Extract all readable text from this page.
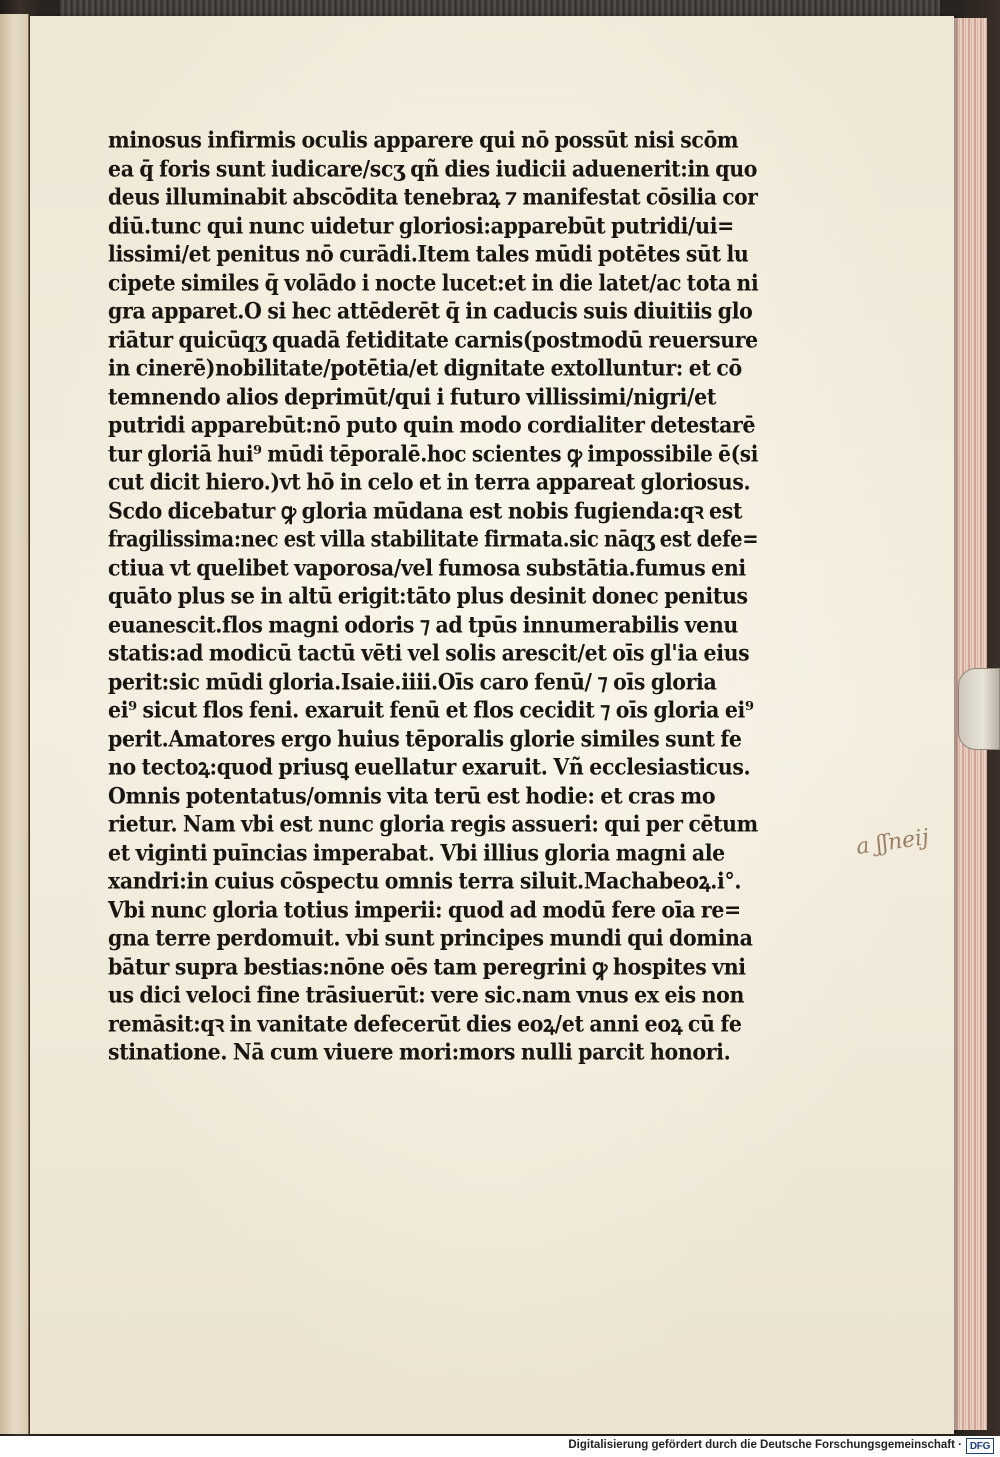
minosus infirmis oculis apparere qui nō possūt nisi scōm
ea q̄ foris sunt iudicare/scʒ qñ dies iudicii aduenerit:in quo
deus illuminabit abscōdita tenebraꝝ ⁊ manifestat cōsilia cor
diū.tunc qui nunc uidetur gloriosi:apparebūt putridi/ui=
lissimi/et penitus nō curādi.Item tales mūdi potētes sūt lu
cipete similes q̄ volādo i nocte lucet:et in die latet/ac tota ni
gra apparet.O si hec attēderēt q̄ in caducis suis diuitiis glo
riātur quicūqʒ quadā fetiditate carnis(postmodū reuersure
in cinerē)nobilitate/potētia/et dignitate extolluntur: et cō
temnendo alios deprimūt/qui i futuro villissimi/nigri/et
putridi apparebūt:nō puto quin modo cordialiter detestarē
tur gloriā hui⁹ mūdi tēporalē.hoc scientes ꝙ impossibile ē(si
cut dicit hiero.)vt hō in celo et in terra appareat gloriosus.
Scdo dicebatur ꝙ gloria mūdana est nobis fugienda:qꝛ est
fragilissima:nec est villa stabilitate firmata.sic nāqʒ est defe=
ctiua vt quelibet vaporosa/vel fumosa substātia.fumus eni
quāto plus se in altū erigit:tāto plus desinit donec penitus
euanescit.flos magni odoris ⁊ ad tpūs innumerabilis venu
statis:ad modicū tactū vēti vel solis arescit/et oīs gl'ia eius
perit:sic mūdi gloria.Isaie.iiii.Oīs caro fenū/ ⁊ oīs gloria
ei⁹ sicut flos feni. exaruit fenū et flos cecidit ⁊ oīs gloria ei⁹
perit.Amatores ergo huius tēporalis glorie similes sunt fe
no tectoꝝ:quod priusꝗ euellatur exaruit. Vñ ecclesiasticus.
Omnis potentatus/omnis vita terū est hodie: et cras mo
rietur. Nam vbi est nunc gloria regis assueri: qui per cētum
et viginti puīncias imperabat. Vbi illius gloria magni ale
xandri:in cuius cōspectu omnis terra siluit.Machabeoꝝ.i°.
Vbi nunc gloria totius imperii: quod ad modū fere oīa re=
gna terre perdomuit. vbi sunt principes mundi qui domina
bātur supra bestias:nōne oēs tam peregrini ꝙ hospites vni
us dici veloci fine trāsiuerūt: vere sic.nam vnus ex eis non
remāsit:qꝛ in vanitate defecerūt dies eoꝝ/et anni eoꝝ cū fe
stinatione. Nā cum viuere mori:mors nulli parcit honori.
a ʃʃneij
Digitalisierung gefördert durch die Deutsche Forschungsgemeinschaft · DFG
